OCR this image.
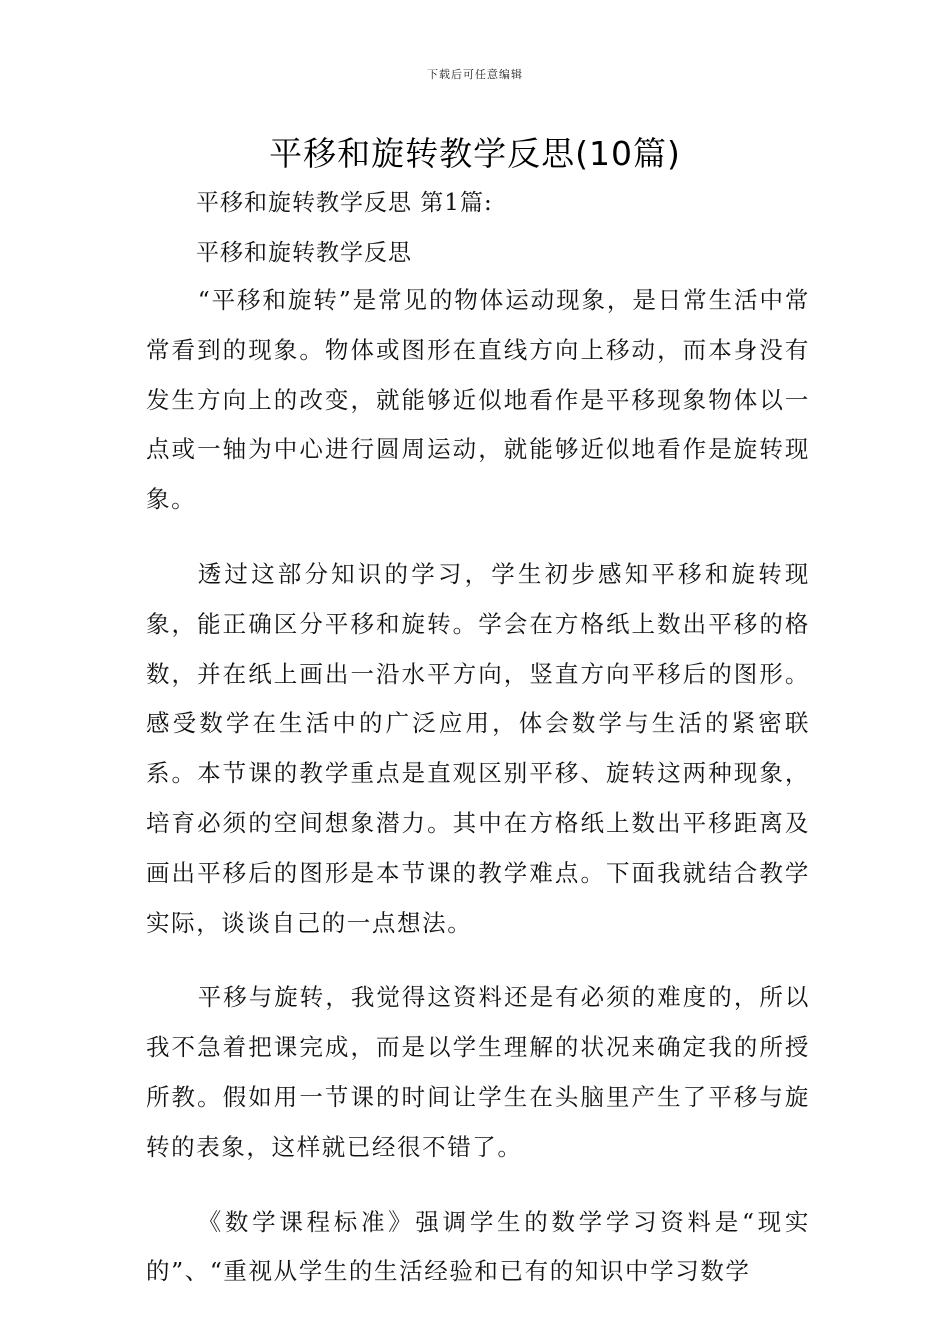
下载后可任意编辑
平移和旋转教学反思(10篇)
平移和旋转教学反思 第1篇:
平移和旋转教学反思

“平移和旋转”是常见的物体运动现象，是日常生活中常常看到的现象。物体或图形在直线方向上移动，而本身没有发生方向上的改变，就能够近似地看作是平移现象物体以一点或一轴为中心进行圆周运动，就能够近似地看作是旋转现象。

透过这部分知识的学习，学生初步感知平移和旋转现象，能正确区分平移和旋转。学会在方格纸上数出平移的格数，并在纸上画出一沿水平方向，竖直方向平移后的图形。感受数学在生活中的广泛应用，体会数学与生活的紧密联系。本节课的教学重点是直观区别平移、旋转这两种现象，培育必须的空间想象潜力。其中在方格纸上数出平移距离及画出平移后的图形是本节课的教学难点。下面我就结合教学实际，谈谈自己的一点想法。

平移与旋转，我觉得这资料还是有必须的难度的，所以我不急着把课完成，而是以学生理解的状况来确定我的所授所教。假如用一节课的时间让学生在头脑里产生了平移与旋转的表象，这样就已经很不错了。

《数学课程标准》强调学生的数学学习资料是“现实的”、“重视从学生的生活经验和已有的知识中学习数学
